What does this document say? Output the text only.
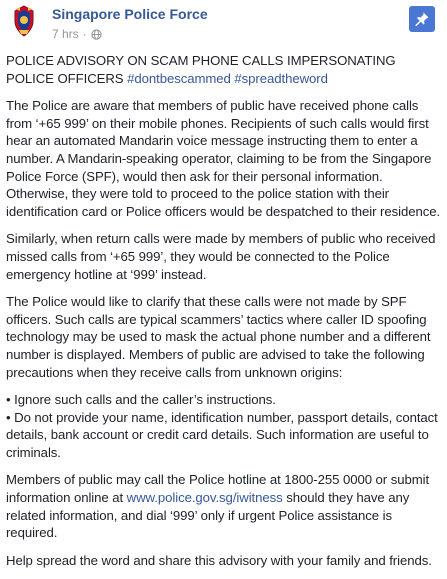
Singapore Police Force
7 hrs ·

POLICE ADVISORY ON SCAM PHONE CALLS IMPERSONATING POLICE OFFICERS #dontbescammed #spreadtheword

The Police are aware that members of public have received phone calls from ‘+65 999’ on their mobile phones. Recipients of such calls would first hear an automated Mandarin voice message instructing them to enter a number. A Mandarin-speaking operator, claiming to be from the Singapore Police Force (SPF), would then ask for their personal information. Otherwise, they were told to proceed to the police station with their identification card or Police officers would be despatched to their residence.

Similarly, when return calls were made by members of public who received missed calls from ‘+65 999’, they would be connected to the Police emergency hotline at ‘999’ instead.

The Police would like to clarify that these calls were not made by SPF officers. Such calls are typical scammers’ tactics where caller ID spoofing technology may be used to mask the actual phone number and a different number is displayed. Members of public are advised to take the following precautions when they receive calls from unknown origins:

• Ignore such calls and the caller’s instructions.
• Do not provide your name, identification number, passport details, contact details, bank account or credit card details. Such information are useful to criminals.

Members of public may call the Police hotline at 1800-255 0000 or submit information online at www.police.gov.sg/iwitness should they have any related information, and dial ‘999’ only if urgent Police assistance is required.

Help spread the word and share this advisory with your family and friends.
